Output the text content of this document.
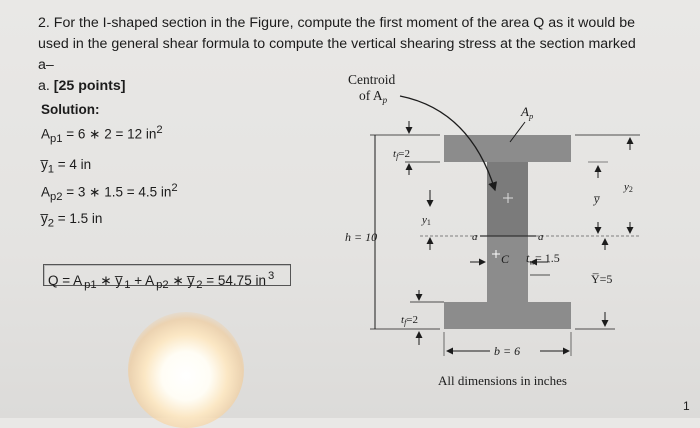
2. For the I-shaped section in the Figure, compute the first moment of the area Q as it would be
used in the general shear formula to compute the vertical shearing stress at the section marked a–
a. [25 points]

Solution:
$A_{p1} = 6$ ∗ 2 = 12 $in^2$
$y̅_1 = 4$ in
$A_{p2} = 3$ ∗ 1.5 = 4.5 $in^2$
$y̅_2 = 1.5$ in
Q = A $_{p1}$ ∗ y̅ $_1$ + A $_{p2}$ ∗ y̅ $_2$ = 54.75 in $^3$
Centroid
of $A_p$
$A_p$
tf=2
y1
h = 10	a	a
C $t_w= 1.5$
y̅
y2
Y̅=5
tf=2
b = 6
All dimensions in inches
1
